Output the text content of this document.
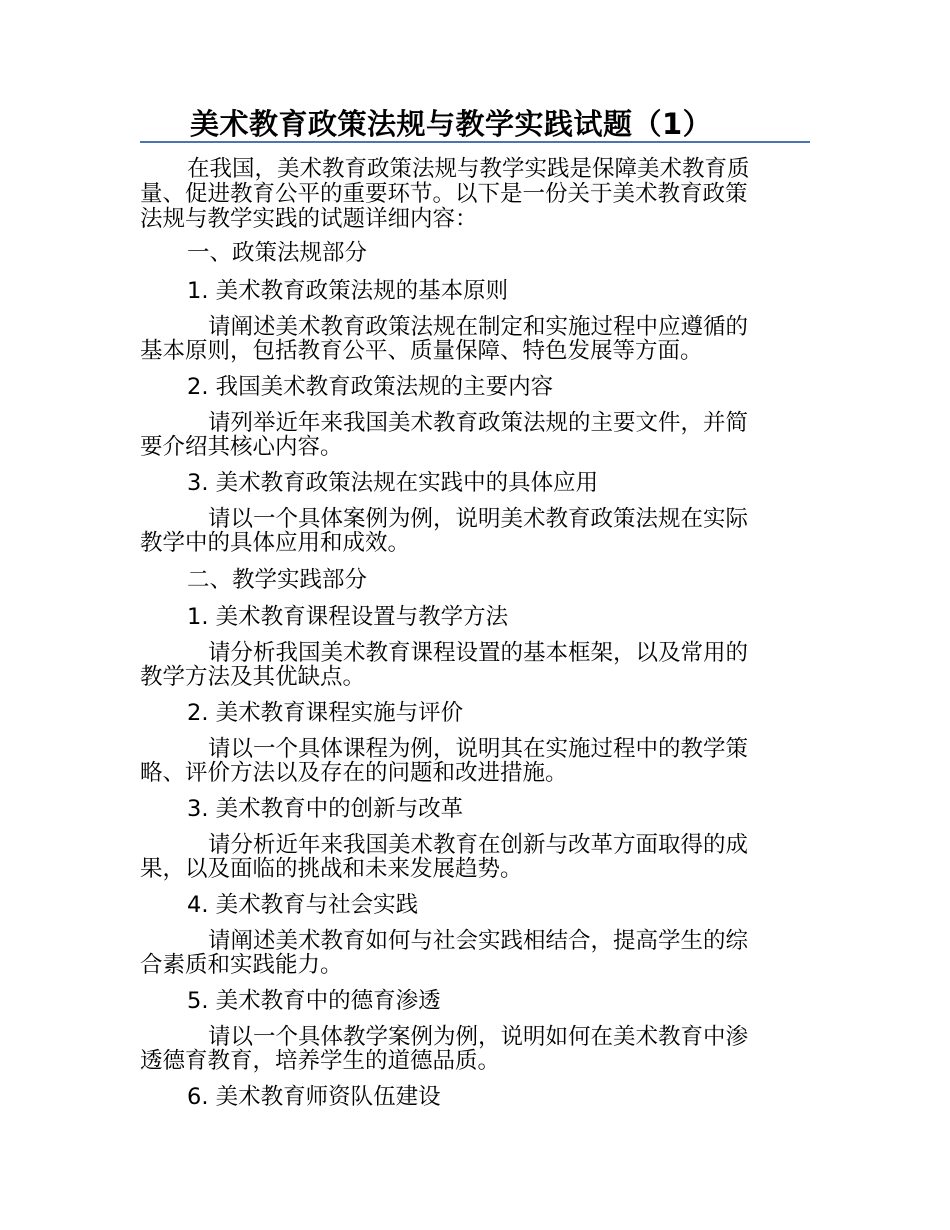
美术教育政策法规与教学实践试题（1）
在我国，美术教育政策法规与教学实践是保障美术教育质
量、促进教育公平的重要环节。以下是一份关于美术教育政策
法规与教学实践的试题详细内容：
一、政策法规部分
1. 美术教育政策法规的基本原则
请阐述美术教育政策法规在制定和实施过程中应遵循的
基本原则，包括教育公平、质量保障、特色发展等方面。
2. 我国美术教育政策法规的主要内容
请列举近年来我国美术教育政策法规的主要文件，并简
要介绍其核心内容。
3. 美术教育政策法规在实践中的具体应用
请以一个具体案例为例，说明美术教育政策法规在实际
教学中的具体应用和成效。
二、教学实践部分
1. 美术教育课程设置与教学方法
请分析我国美术教育课程设置的基本框架，以及常用的
教学方法及其优缺点。
2. 美术教育课程实施与评价
请以一个具体课程为例，说明其在实施过程中的教学策
略、评价方法以及存在的问题和改进措施。
3. 美术教育中的创新与改革
请分析近年来我国美术教育在创新与改革方面取得的成
果，以及面临的挑战和未来发展趋势。
4. 美术教育与社会实践
请阐述美术教育如何与社会实践相结合，提高学生的综
合素质和实践能力。
5. 美术教育中的德育渗透
请以一个具体教学案例为例，说明如何在美术教育中渗
透德育教育，培养学生的道德品质。
6. 美术教育师资队伍建设
